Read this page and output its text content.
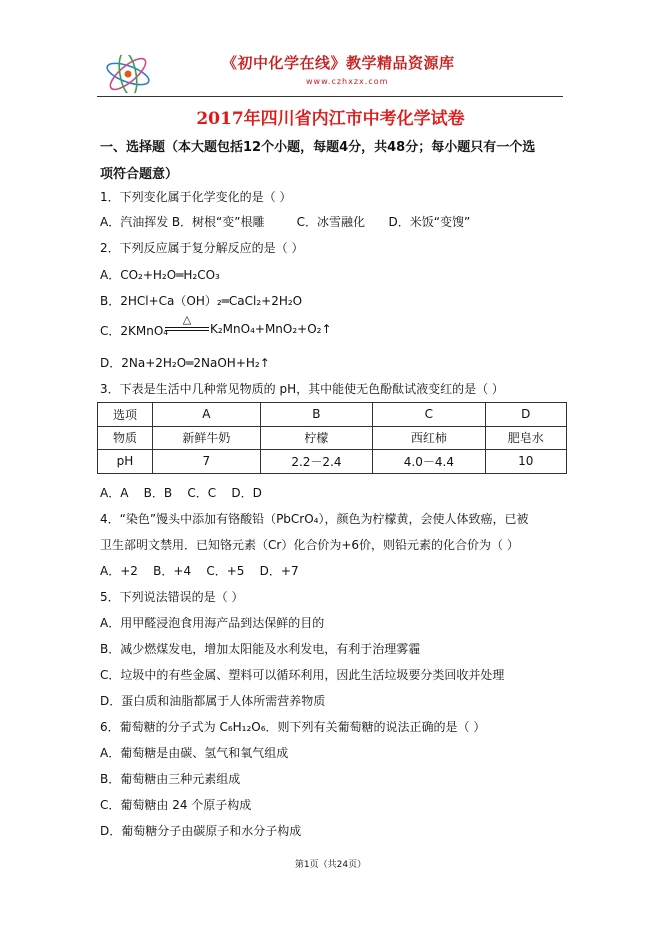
《初中化学在线》教学精品资源库
www.czhxzx.com
2017年四川省内江市中考化学试卷
一、选择题（本大题包括12个小题，每题4分，共48分；每小题只有一个选
项符合题意）
1．下列变化属于化学变化的是（ ）
A．汽油挥发 B．树根“变”根雕	C．冰雪融化 D．米饭“变馊”
2．下列反应属于复分解反应的是（ ）
A．CO₂+H₂O═H₂CO₃
B．2HCl+Ca（OH）₂═CaCl₂+2H₂O
C．2KMnO₄
△
K₂MnO₄+MnO₂+O₂↑
D．2Na+2H₂O═2NaOH+H₂↑
3．下表是生活中几种常见物质的 pH，其中能使无色酚酞试液变红的是（ ）
选项	A	B	C	D
物质	新鲜牛奶	柠檬	西红柿	肥皂水
pH	7	2.2－2.4	4.0－4.4	10
A．A    B．B    C．C    D．D
4．“染色”馒头中添加有铬酸铅（PbCrO₄），颜色为柠檬黄，会使人体致癌，已被
卫生部明文禁用．已知铬元素（Cr）化合价为+6价，则铅元素的化合价为（ ）
A．+2    B．+4    C．+5    D．+7
5．下列说法错误的是（ ）
A．用甲醛浸泡食用海产品到达保鲜的目的
B．减少燃煤发电，增加太阳能及水利发电，有利于治理雾霾
C．垃圾中的有些金属、塑料可以循环利用，因此生活垃圾要分类回收并处理
D．蛋白质和油脂都属于人体所需营养物质
6．葡萄糖的分子式为 C₆H₁₂O₆．则下列有关葡萄糖的说法正确的是（ ）
A．葡萄糖是由碳、氢气和氧气组成
B．葡萄糖由三种元素组成
C．葡萄糖由 24 个原子构成
D．葡萄糖分子由碳原子和水分子构成
第1页（共24页）
